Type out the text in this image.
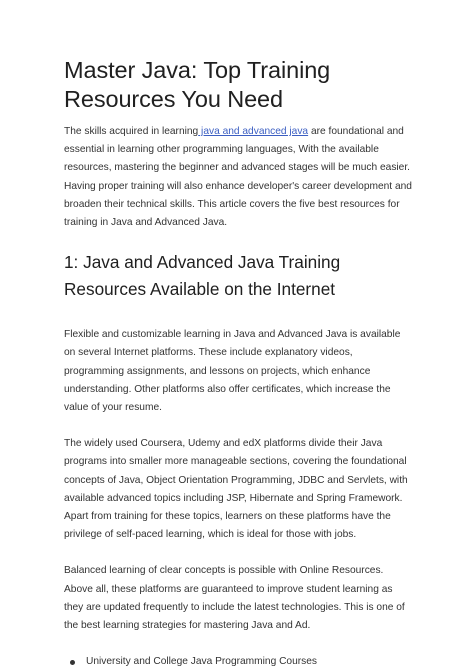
Master Java: Top Training Resources You Need

The skills acquired in learning java and advanced java are foundational and essential in learning other programming languages, With the available resources, mastering the beginner and advanced stages will be much easier. Having proper training will also enhance developer's career development and broaden their technical skills. This article covers the five best resources for training in Java and Advanced Java.

1: Java and Advanced Java Training Resources Available on the Internet

Flexible and customizable learning in Java and Advanced Java is available on several Internet platforms. These include explanatory videos, programming assignments, and lessons on projects, which enhance understanding. Other platforms also offer certificates, which increase the value of your resume.

The widely used Coursera, Udemy and edX platforms divide their Java programs into smaller more manageable sections, covering the foundational concepts of Java, Object Orientation Programming, JDBC and Servlets, with available advanced topics including JSP, Hibernate and Spring Framework. Apart from training for these topics, learners on these platforms have the privilege of self-paced learning, which is ideal for those with jobs.

Balanced learning of clear concepts is possible with Online Resources. Above all, these platforms are guaranteed to improve student learning as they are updated frequently to include the latest technologies. This is one of the best learning strategies for mastering Java and Ad.

University and College Java Programming Courses
